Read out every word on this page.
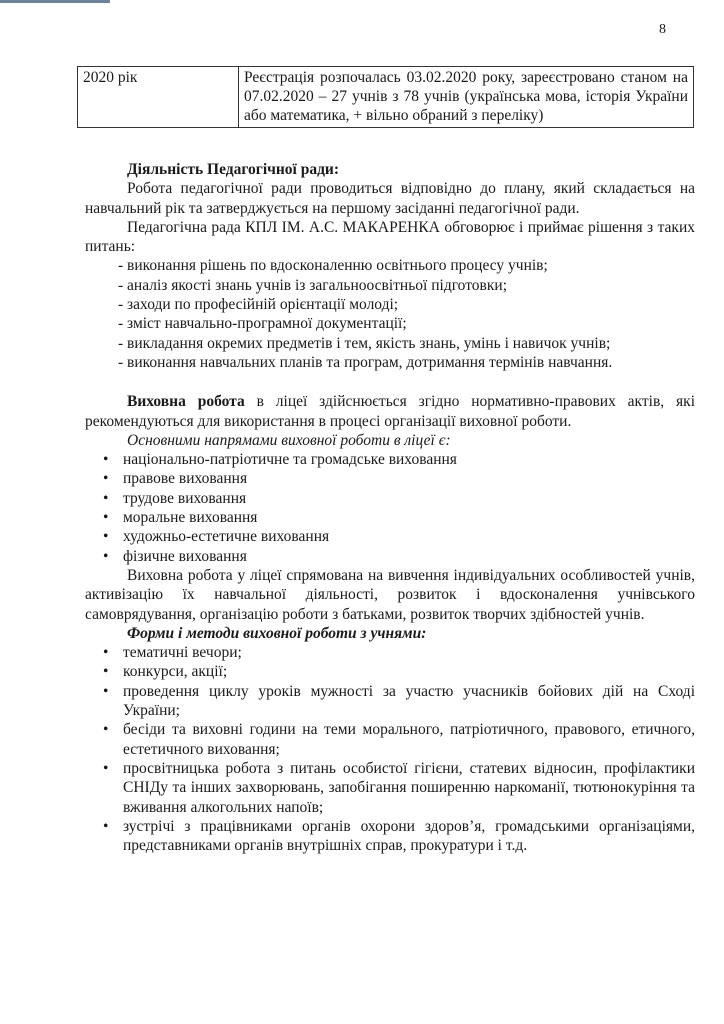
8
2020 рік	Реєстрація розпочалась 03.02.2020 року, зареєстровано станом на 07.02.2020 – 27 учнів з 78 учнів (українська мова, історія України або математика, + вільно обраний з переліку)

Діяльність Педагогічної ради:

Робота педагогічної ради проводиться відповідно до плану, який складається на навчальний рік та затверджується на першому засіданні педагогічної ради.

Педагогічна рада КПЛ ІМ. А.С. МАКАРЕНКА обговорює і приймає рішення з таких питань:

- виконання рішень по вдосконаленню освітнього процесу учнів;

- аналіз якості знань учнів із загальноосвітньої підготовки;

- заходи по професійній орієнтації молоді;

- зміст навчально-програмної документації;

- викладання окремих предметів і тем, якість знань, умінь і навичок учнів;

- виконання навчальних планів та програм, дотримання термінів навчання.

Виховна робота в ліцеї здійснюється згідно нормативно-правових актів, які рекомендуються для використання в процесі організації виховної роботи.

Основними напрямами виховної роботи в ліцеї є:

• національно-патріотичне та громадське виховання
• правове виховання
• трудове виховання
• моральне виховання
• художньо-естетичне виховання
• фізичне виховання

Виховна робота у ліцеї спрямована на вивчення індивідуальних особливостей учнів, активізацію їх навчальної діяльності, розвиток і вдосконалення учнівського самоврядування, організацію роботи з батьками, розвиток творчих здібностей учнів.

Форми і методи виховної роботи з учнями:

• тематичні вечори;
• конкурси, акції;
• проведення циклу уроків мужності за участю учасників бойових дій на Сході України;
• бесіди та виховні години на теми морального, патріотичного, правового, етичного, естетичного виховання;
• просвітницька робота з питань особистої гігієни, статевих відносин, профілактики СНІДу та інших захворювань, запобігання поширенню наркоманії, тютюнокуріння та вживання алкогольних напоїв;
• зустрічі з працівниками органів охорони здоров’я, громадськими організаціями, представниками органів внутрішніх справ, прокуратури і т.д.
